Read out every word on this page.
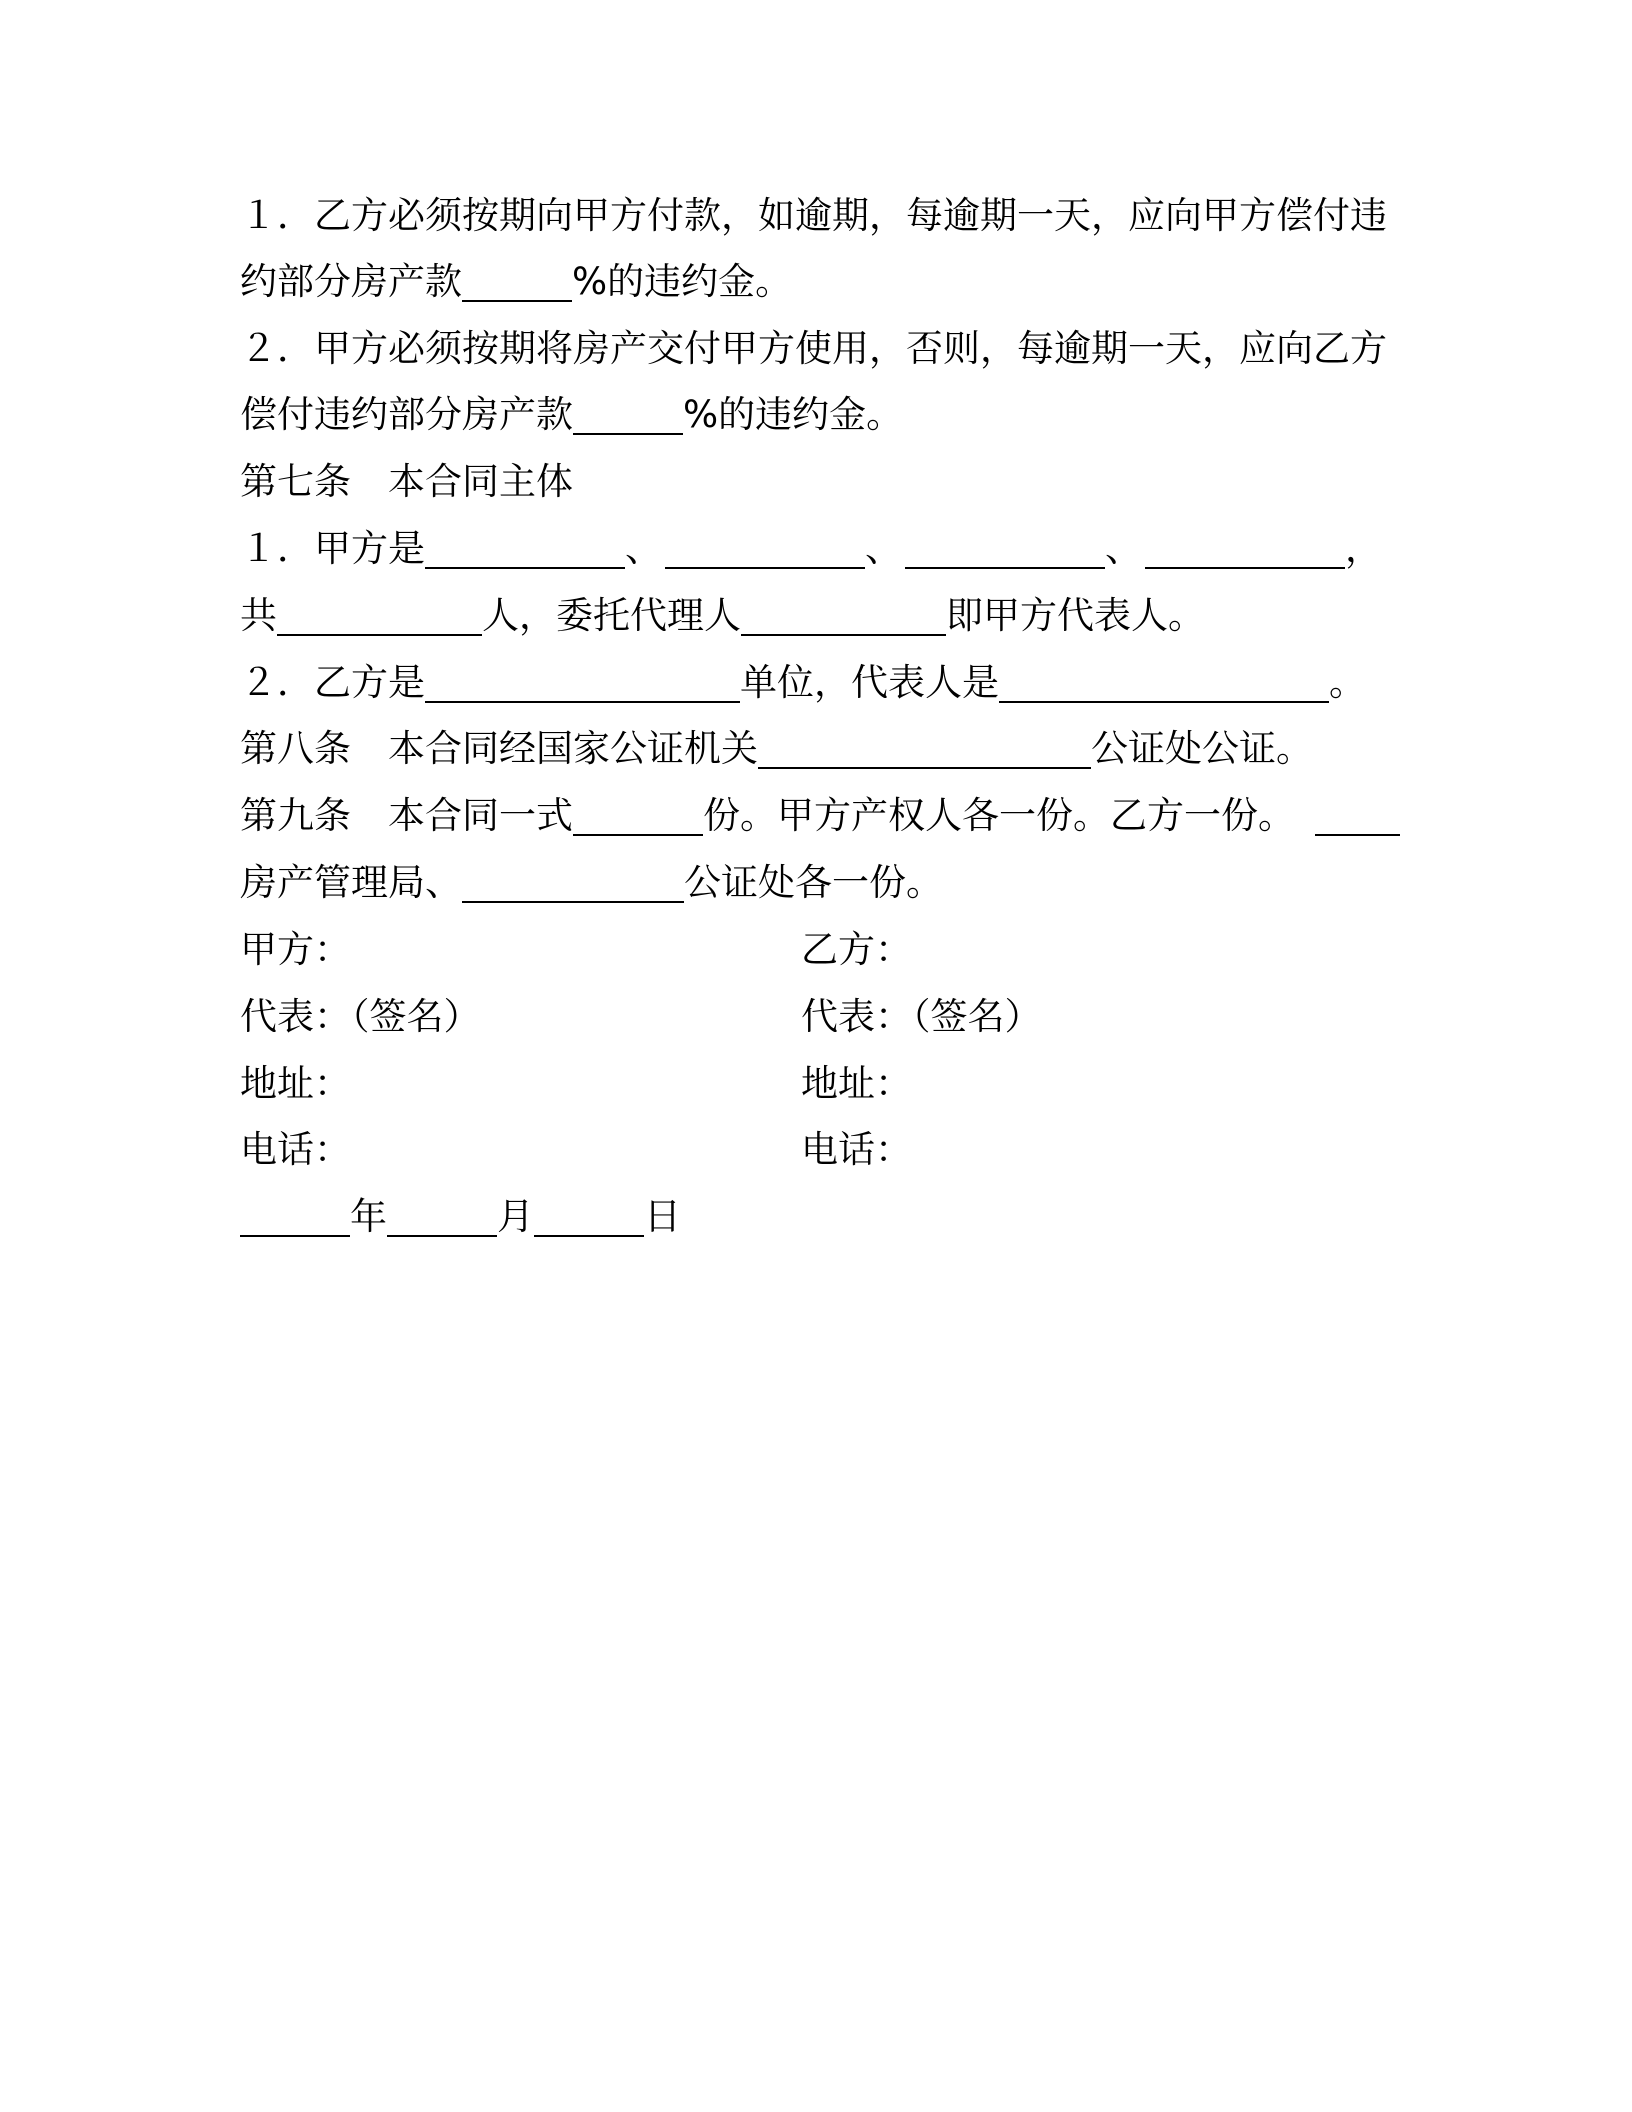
１．乙方必须按期向甲方付款，如逾期，每逾期一天，应向甲方偿付违
约部分房产款	%的违约金。
２．甲方必须按期将房产交付甲方使用，否则，每逾期一天，应向乙方
偿付违约部分房产款	%的违约金。
第七条　本合同主体
１．甲方是	、	、	、	，
共	人，委托代理人	即甲方代表人。
２．乙方是	单位，代表人是	。
第八条　本合同经国家公证机关	公证处公证。
第九条　本合同一式	份。甲方产权人各一份。乙方一份。
房产管理局、	公证处各一份。
甲方：	乙方：
代表：（签名）	代表：（签名）
地址：	地址：
电话：	电话：
年	月	日
